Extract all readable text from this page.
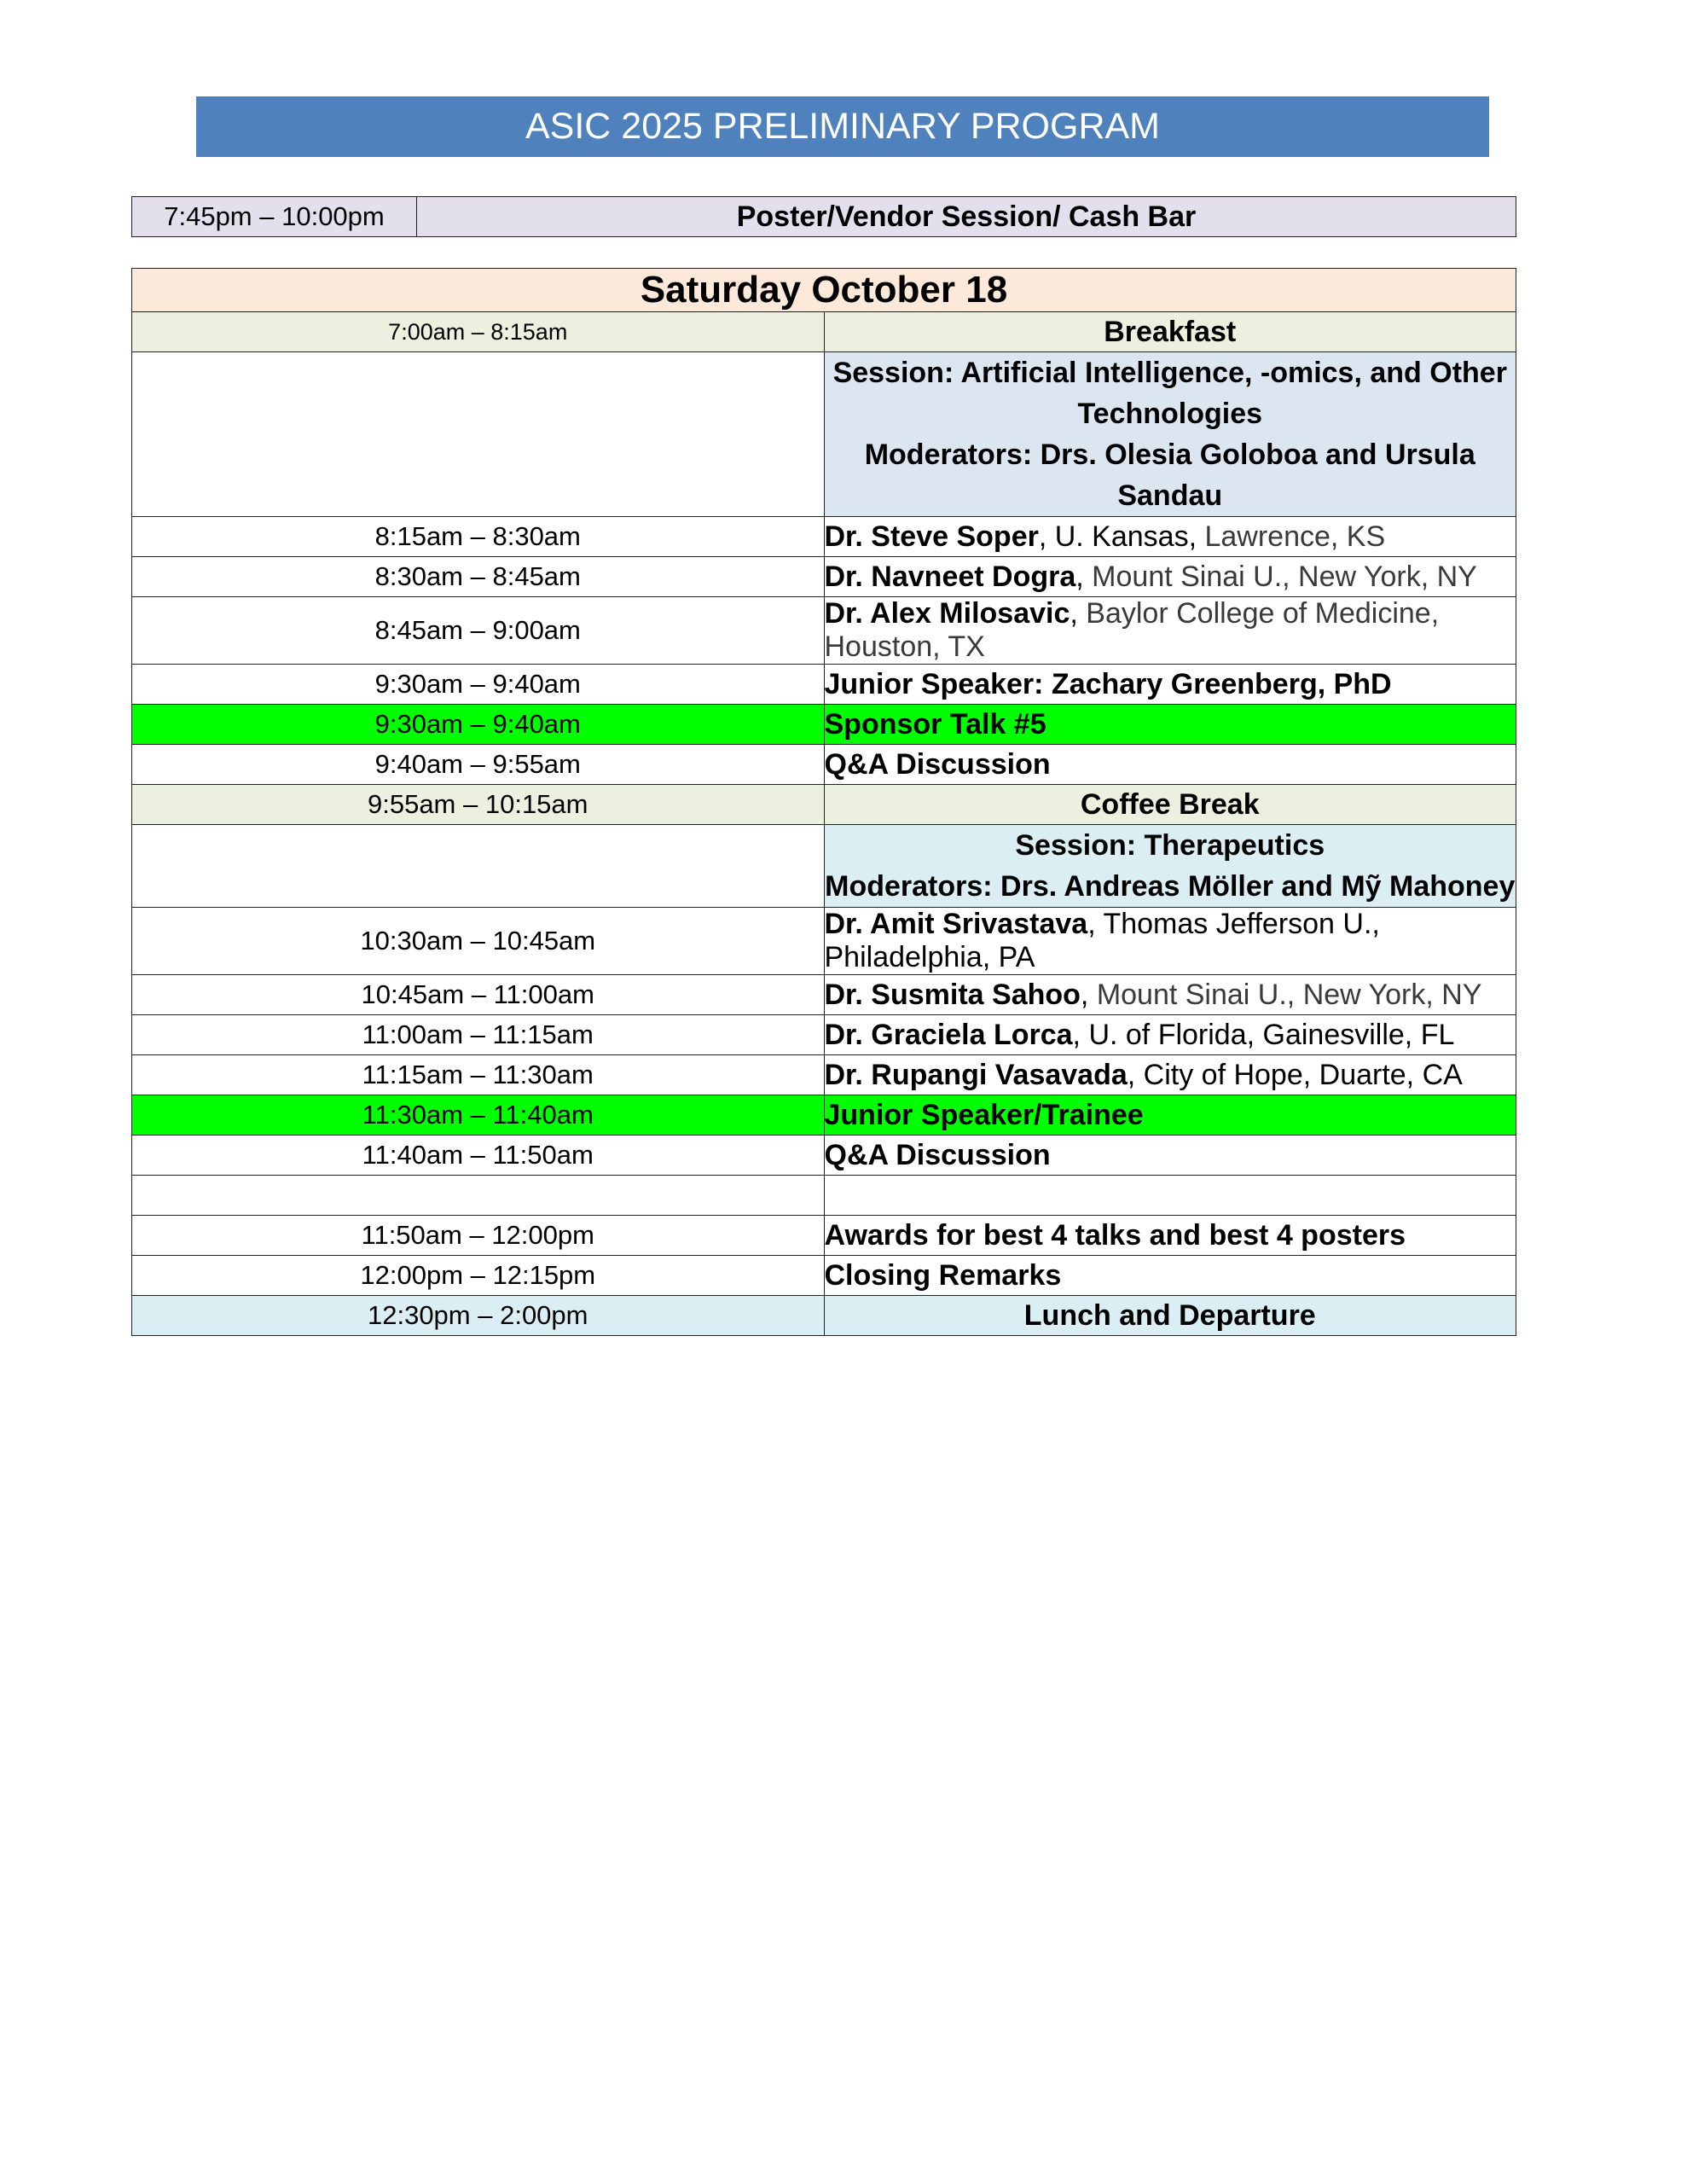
ASIC 2025 PRELIMINARY PROGRAM
7:45pm – 10:00pm	Poster/Vendor Session/ Cash Bar
Saturday October 18	
7:00am – 8:15am	Breakfast

	Session: Artificial Intelligence, -omics, and Other Technologies
Moderators: Drs. Olesia Goloboa and Ursula Sandau

8:15am – 8:30am	Dr. Steve Soper, U. Kansas, Lawrence, KS
8:30am – 8:45am	Dr. Navneet Dogra, Mount Sinai U., New York, NY
8:45am – 9:00am	Dr. Alex Milosavic, Baylor College of Medicine, Houston, TX
9:30am – 9:40am	Junior Speaker: Zachary Greenberg, PhD
9:30am – 9:40am	Sponsor Talk #5
9:40am – 9:55am	Q&A Discussion
9:55am – 10:15am	Coffee Break

	Session: Therapeutics
Moderators: Drs. Andreas Möller and Mỹ Mahoney

10:30am – 10:45am	Dr. Amit Srivastava, Thomas Jefferson U., Philadelphia, PA
10:45am – 11:00am	Dr. Susmita Sahoo, Mount Sinai U., New York, NY
11:00am – 11:15am	Dr. Graciela Lorca, U. of Florida, Gainesville, FL
11:15am – 11:30am	Dr. Rupangi Vasavada, City of Hope, Duarte, CA
11:30am – 11:40am	Junior Speaker/Trainee
11:40am – 11:50am	Q&A Discussion

11:50am – 12:00pm	Awards for best 4 talks and best 4 posters
12:00pm – 12:15pm	Closing Remarks
12:30pm – 2:00pm	Lunch and Departure
